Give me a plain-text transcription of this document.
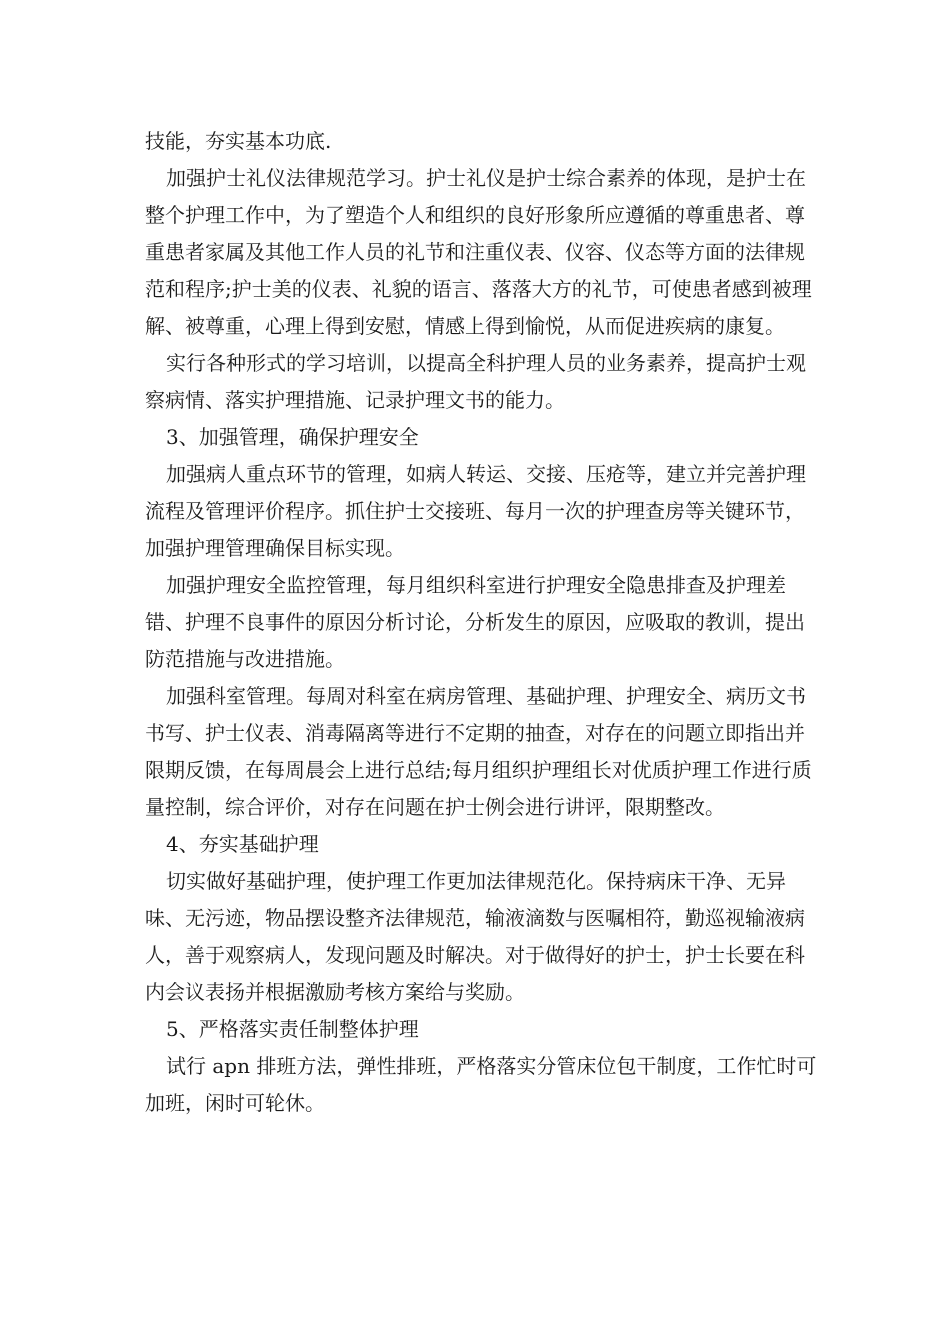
技能，夯实基本功底.

加强护士礼仪法律规范学习。护士礼仪是护士综合素养的体现，是护士在整个护理工作中，为了塑造个人和组织的良好形象所应遵循的尊重患者、尊重患者家属及其他工作人员的礼节和注重仪表、仪容、仪态等方面的法律规范和程序;护士美的仪表、礼貌的语言、落落大方的礼节，可使患者感到被理解、被尊重，心理上得到安慰，情感上得到愉悦，从而促进疾病的康复。

实行各种形式的学习培训，以提高全科护理人员的业务素养，提高护士观察病情、落实护理措施、记录护理文书的能力。

3、加强管理，确保护理安全

加强病人重点环节的管理，如病人转运、交接、压疮等，建立并完善护理流程及管理评价程序。抓住护士交接班、每月一次的护理查房等关键环节，加强护理管理确保目标实现。

加强护理安全监控管理，每月组织科室进行护理安全隐患排查及护理差错、护理不良事件的原因分析讨论，分析发生的原因，应吸取的教训，提出防范措施与改进措施。

加强科室管理。每周对科室在病房管理、基础护理、护理安全、病历文书书写、护士仪表、消毒隔离等进行不定期的抽查，对存在的问题立即指出并限期反馈，在每周晨会上进行总结;每月组织护理组长对优质护理工作进行质量控制，综合评价，对存在问题在护士例会进行讲评，限期整改。

4、夯实基础护理

切实做好基础护理，使护理工作更加法律规范化。保持病床干净、无异味、无污迹，物品摆设整齐法律规范，输液滴数与医嘱相符，勤巡视输液病人，善于观察病人，发现问题及时解决。对于做得好的护士，护士长要在科内会议表扬并根据激励考核方案给与奖励。

5、严格落实责任制整体护理

试行 apn 排班方法，弹性排班，严格落实分管床位包干制度，工作忙时可加班，闲时可轮休。
